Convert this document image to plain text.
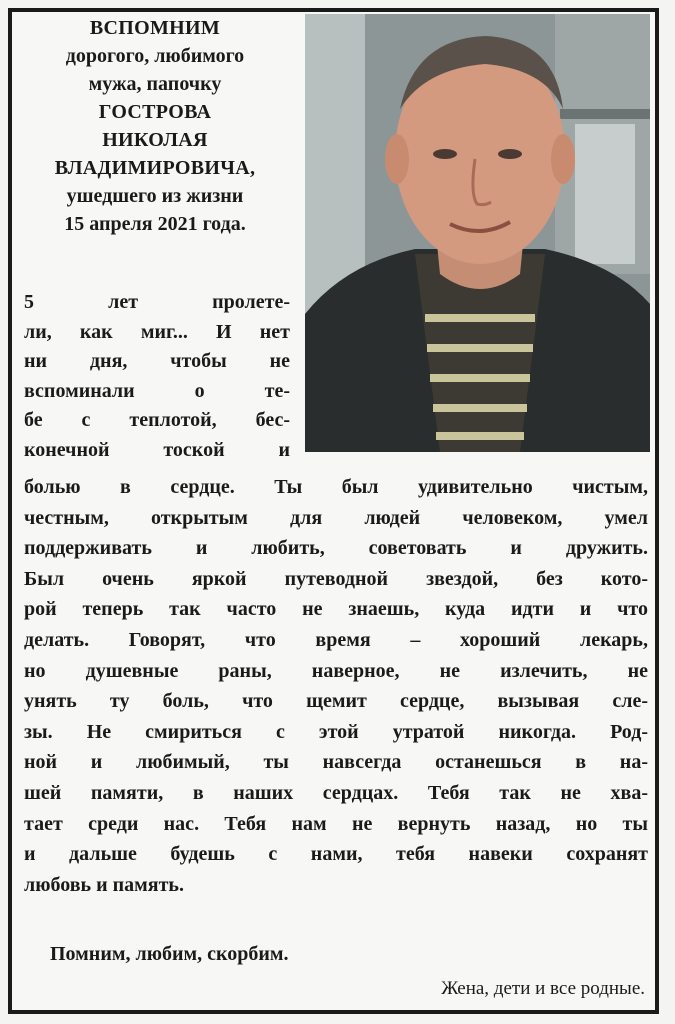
ВСПОМНИМ
дорогого, любимого
мужа, папочку
ГОСТРОВА
НИКОЛАЯ
ВЛАДИМИРОВИЧА,
ушедшего из жизни
15 апреля 2021 года.
5 лет пролете-
ли, как миг... И нет
ни дня, чтобы не
вспоминали о те-
бе с теплотой, бес-
конечной тоской и
болью в сердце. Ты был удивительно чистым,
честным, открытым для людей человеком, умел
поддерживать и любить, советовать и дружить.
Был очень яркой путеводной звездой, без кото-
рой теперь так часто не знаешь, куда идти и что
делать. Говорят, что время – хороший лекарь,
но душевные раны, наверное, не излечить, не
унять ту боль, что щемит сердце, вызывая сле-
зы. Не смириться с этой утратой никогда. Род-
ной и любимый, ты навсегда останешься в на-
шей памяти, в наших сердцах. Тебя так не хва-
тает среди нас. Тебя нам не вернуть назад, но ты
и дальше будешь с нами, тебя навеки сохранят
любовь и память.
Помним, любим, скорбим.
Жена, дети и все родные.
